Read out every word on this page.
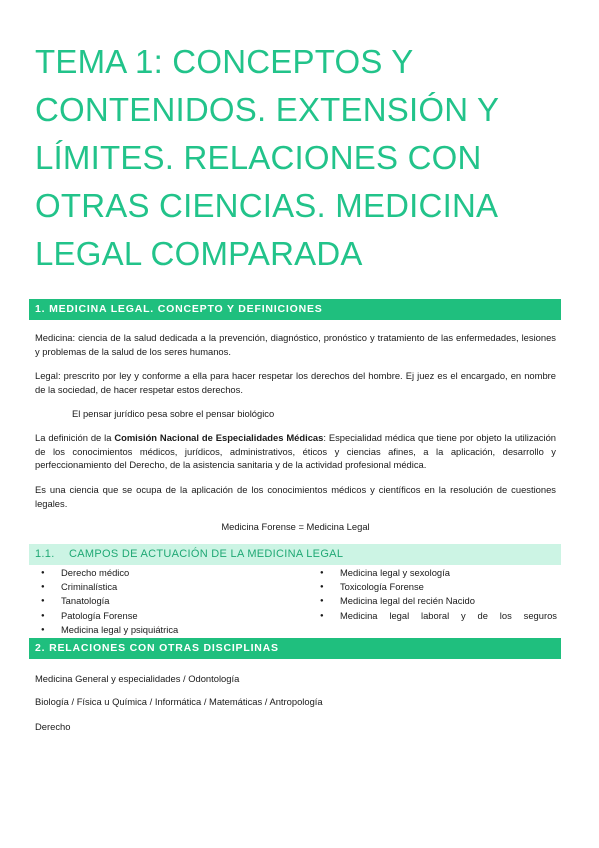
TEMA 1: CONCEPTOS Y CONTENIDOS. EXTENSIÓN Y LÍMITES. RELACIONES CON OTRAS CIENCIAS. MEDICINA LEGAL COMPARADA
1. MEDICINA LEGAL. CONCEPTO Y DEFINICIONES

Medicina: ciencia de la salud dedicada a la prevención, diagnóstico, pronóstico y tratamiento de las enfermedades, lesiones y problemas de la salud de los seres humanos.

Legal: prescrito por ley y conforme a ella para hacer respetar los derechos del hombre. Ej juez es el encargado, en nombre de la sociedad, de hacer respetar estos derechos.

El pensar jurídico pesa sobre el pensar biológico

La definición de la Comisión Nacional de Especialidades Médicas: Especialidad médica que tiene por objeto la utilización de los conocimientos médicos, jurídicos, administrativos, éticos y ciencias afines, a la aplicación, desarrollo y perfeccionamiento del Derecho, de la asistencia sanitaria y de la actividad profesional médica.

Es una ciencia que se ocupa de la aplicación de los conocimientos médicos y científicos en la resolución de cuestiones legales.

Medicina Forense = Medicina Legal

1.1. CAMPOS DE ACTUACIÓN DE LA MEDICINA LEGAL
● Derecho médico
● Criminalística
● Tanatología
● Patología Forense
● Medicina legal y psiquiátrica
● Medicina legal y sexología
● Toxicología Forense
● Medicina legal del recién Nacido
● Medicina legal laboral y de los seguros
2. RELACIONES CON OTRAS DISCIPLINAS

Medicina General y especialidades / Odontología

Biología / Física u Química / Informática / Matemáticas / Antropología

Derecho
